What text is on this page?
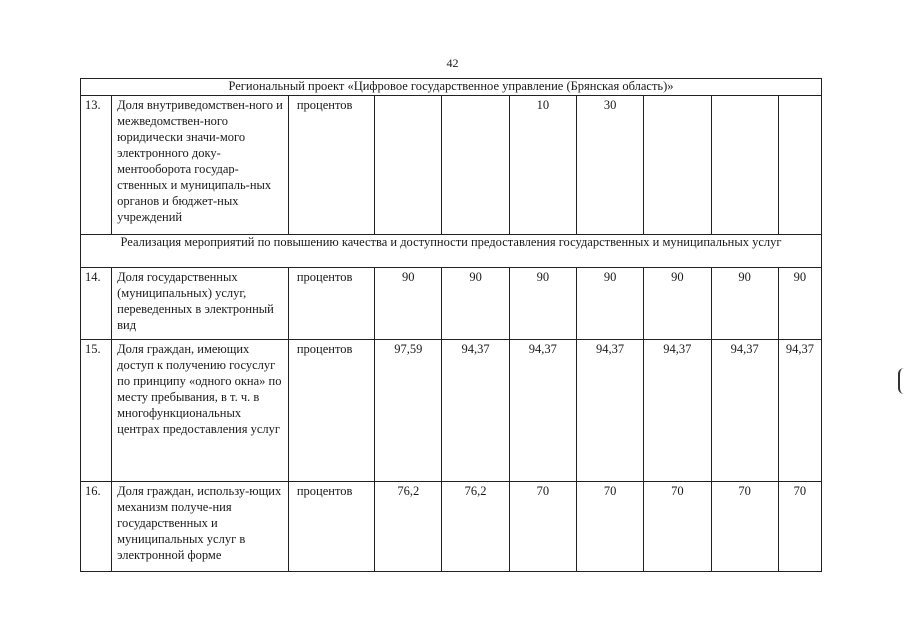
42
Региональный проект «Цифровое государственное управление (Брянская область)»									
13.	Доля внутриведомствен-ного и межведомствен-ного юридически значи-мого электронного доку-ментооборота государ-ственных и муниципаль-ных органов и бюджет-ных учреждений	процентов			10	30			
Реализация мероприятий по повышению качества и доступности предоставления государственных и муниципальных услуг									
14.	Доля государственных (муниципальных) услуг, переведенных в электронный вид	процентов	90	90	90	90	90	90	90
15.	Доля граждан, имеющих доступ к получению госуслуг по принципу «одного окна» по месту пребывания, в т. ч. в многофункциональных центрах предоставления услуг	процентов	97,59	94,37	94,37	94,37	94,37	94,37	94,37
16.	Доля граждан, использу-ющих механизм получе-ния государственных и муниципальных услуг в электронной форме	процентов	76,2	76,2	70	70	70	70	70
